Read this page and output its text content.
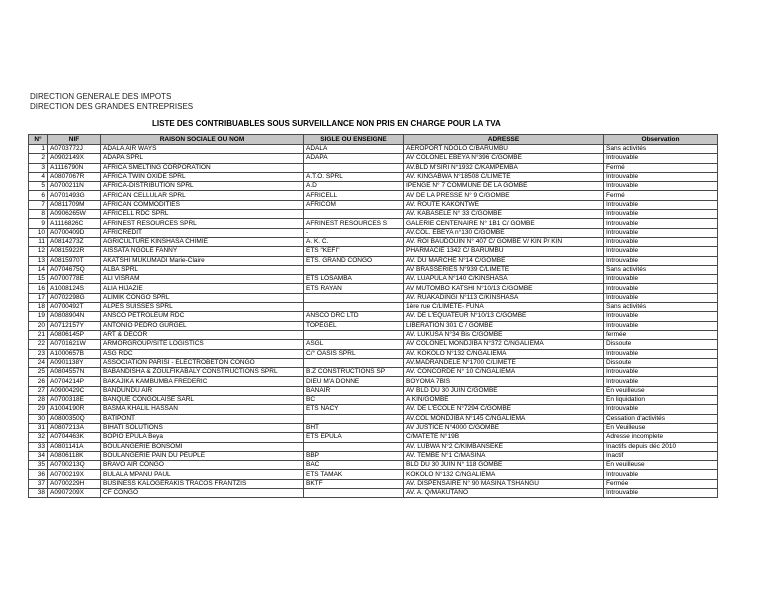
DIRECTION GENERALE DES IMPOTS
DIRECTION DES GRANDES ENTREPRISES
LISTE DES CONTRIBUABLES SOUS SURVEILLANCE NON PRIS EN CHARGE POUR LA TVA
N°	NIF	RAISON SOCIALE OU NOM	SIGLE OU ENSEIGNE	ADRESSE	Observation
1	A0703772J	ADALA AIR WAYS	ADALA	AEROPORT NDOLO C/BARUMBU	Sans activités
2	A0902149X	ADAPA SPRL	ADAPA	AV COLONEL EBEYA N°396 C/GOMBE	Introuvable
3	A1116790N	AFRICA SMELTING CORPORATION		AV.BLD M'SIRI N°1932 C/KAMPEMBA	Fermé
4	A0807067R	AFRICA TWIN OXIDE SPRL	A.T.O. SPRL	AV. KINGABWA N°18508 C/LIMETE	Introuvable
5	A0700211N	AFRICA-DISTRIBUTION SPRL	A.D	IPENGE N° 7 COMMUNE DE LA GOMBE	Introuvable
6	A0701493G	AFRICAN CELLULAR SPRL	AFRICELL	AV DE LA PRESSE N° 9 C/GOMBE	Fermé
7	A0811709M	AFRICAN COMMODITIES	AFRICOM	AV. ROUTE KAKONTWE	Introuvable
8	A0906265W	AFRICELL RDC SPRL		AV. KABASELE N° 33 C/GOMBE	Introuvable
9	A1116826C	AFRINEST RESOURCES SPRL	AFRINEST RESOURCES S	GALERIE CENTENAIRE N° 1B1 C/ GOMBE	Introuvable
10	A0700409D	AFRICREDIT	-	AV.COL. EBEYA n°130 C/GOMBE	Introuvable
11	A0814273Z	AGRICULTURE KINSHASA CHIMIE	A. K. C.	AV. ROI BAUDOUIN N° 407 C/ GOMBE V/ KIN P/ KIN	Introuvable
12	A0815922R	AISSATA NGOLE FANNY	ETS "KEFI"	PHARMACIE 1342 C/ BARUMBU	Introuvable
13	A0815970T	AKATSHI MUKUMADI Marie-Claire	ETS. GRAND CONGO	AV. DU MARCHE N°14 C/GOMBE	Introuvable
14	A0704675Q	ALBA SPRL		AV BRASSERIES N°939 C/LIMETE	Sans activités
15	A0700778E	ALI VISRAM	ETS LOSAMBA	AV. LUAPULA N°140 C/KINSHASA	Introuvable
16	A1008124S	ALIA HIJAZIE	ETS RAYAN	AV MUTOMBO KATSHI N°10/13 C/GOMBE	Introuvable
17	A0702298G	ALIMIK CONGO SPRL		AV. RUAKADINGI N°113 C/KINSHASA	Introuvable
18	A0700492T	ALPES SUISSES SPRL		1ère rue C/LIMETE- FUNA	Sans activités
19	A0808904N	ANSCO PETROLEUM RDC	ANSCO DRC LTD	AV. DE L'EQUATEUR N°10/13 C/GOMBE	Introuvable
20	A0712157Y	ANTONIO PEDRO GURGEL	TOPEGEL	LIBERATION 301 C / GOMBE	Introuvable
21	A0806145P	ART & DECOR		AV. LUKUSA N°34 Bis C/GOMBE	fermée
22	A0701621W	ARMORGROUP/SITE LOGISTICS	ASGL	AV COLONEL MONDJIBA N°372 C/NGALIEMA	Dissoute
23	A1000657B	ASG RDC	C/° OASIS SPRL	AV. KOKOLO N°132 C/NGALIEMA	Introuvable
24	A0901138Y	ASSOCIATION PARISI - ELECTROBETON CONGO		AV.MADRANDELE N°1700 C/LIMETE	Dissoute
25	A0804557N	BABANDISHA & ZOULFIKABALY CONSTRUCTIONS SPRL	B.Z CONSTRUCTIONS SP	AV. CONCORDE N° 10 C/NGALIEMA	Introuvable
26	A0704214P	BAKAJIKA KAMBUMBA FREDERIC	DIEU M'A DONNE	BOYOMA 7BIS	Introuvable
27	A0900429C	BANDUNDU AIR	BANAIR	AV BLD DU 30 JUIN C/GOMBE	En veuilleuse
28	A0700318E	BANQUE CONGOLAISE SARL	BC	A KIN/GOMBE	En liquidation
29	A1004190R	BASMA KHALIL HASSAN	ETS NACY	AV. DE L'ECOLE N°7294 C/GOMBE	Introuvable
30	A0800350Q	BATIPONT		AV.COL MONDJIBA N°145 C/NGALIEMA	Cessation d'activités
31	A0807213A	BIHATI SOLUTIONS	BHT	AV JUSTICE N°4000 C/GOMBE	En Veuilleuse
32	A0704463K	BOPIO EPULA Beya	ETS EPULA	C/MATETE N°19B	Adresse incomplete
33	A0801141A	BOULANGERIE BONSOMI		AV. LUBWA N°2 C/KIMBANSEKE	Inactifs depuis déc 2010
34	A0806118K	BOULANGERIE PAIN DU PEUPLE	BBP	AV. TEMBE N°1 C/MASINA	Inactif
35	A0700213Q	BRAVO AIR CONGO	BAC	BLD DU 30 JUIN N° 118 GOMBE	En veuilleuse
36	A0700219X	BULALA MPANU PAUL	ETS TAMAK	KOKOLO N°132 C/NGALIEMA	Introuvable
37	A0700229H	BUSINESS KALOGERAKIS TRACOS FRANTZIS	BKTF	AV. DISPENSAIRE N° 90 MASINA TSHANGU	Fermée
38	A0907209X	CF CONGO		AV. A. Q/MAKUTANO	Introuvable
